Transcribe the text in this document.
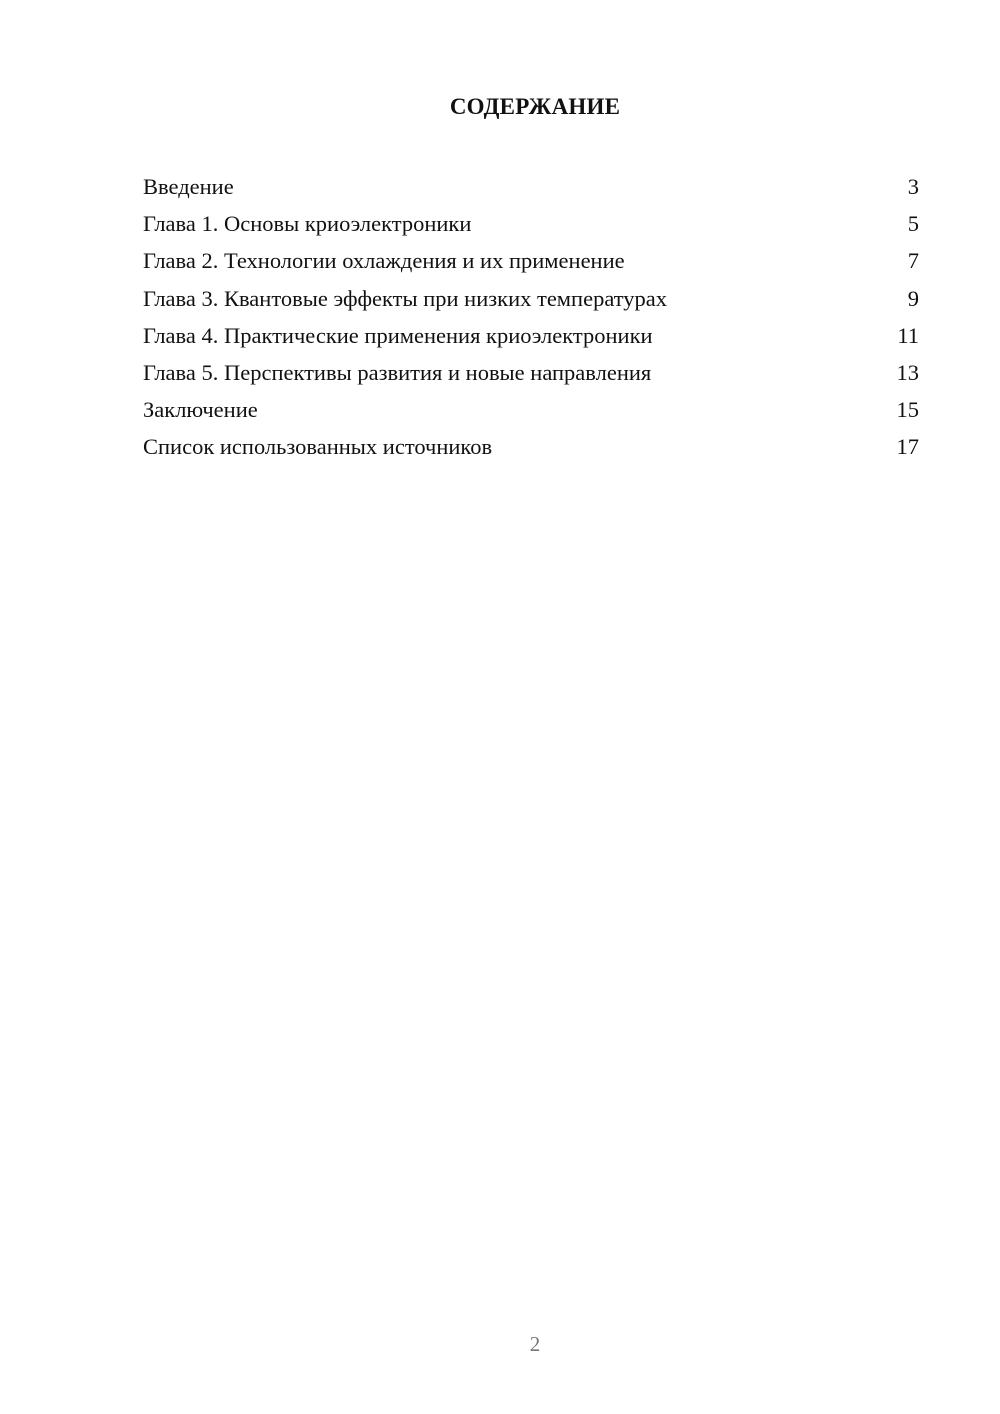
СОДЕРЖАНИЕ
Введение	3
Глава 1. Основы криоэлектроники	5
Глава 2. Технологии охлаждения и их применение	7
Глава 3. Квантовые эффекты при низких температурах	9
Глава 4. Практические применения криоэлектроники	11
Глава 5. Перспективы развития и новые направления	13
Заключение	15
Список использованных источников	17
2
